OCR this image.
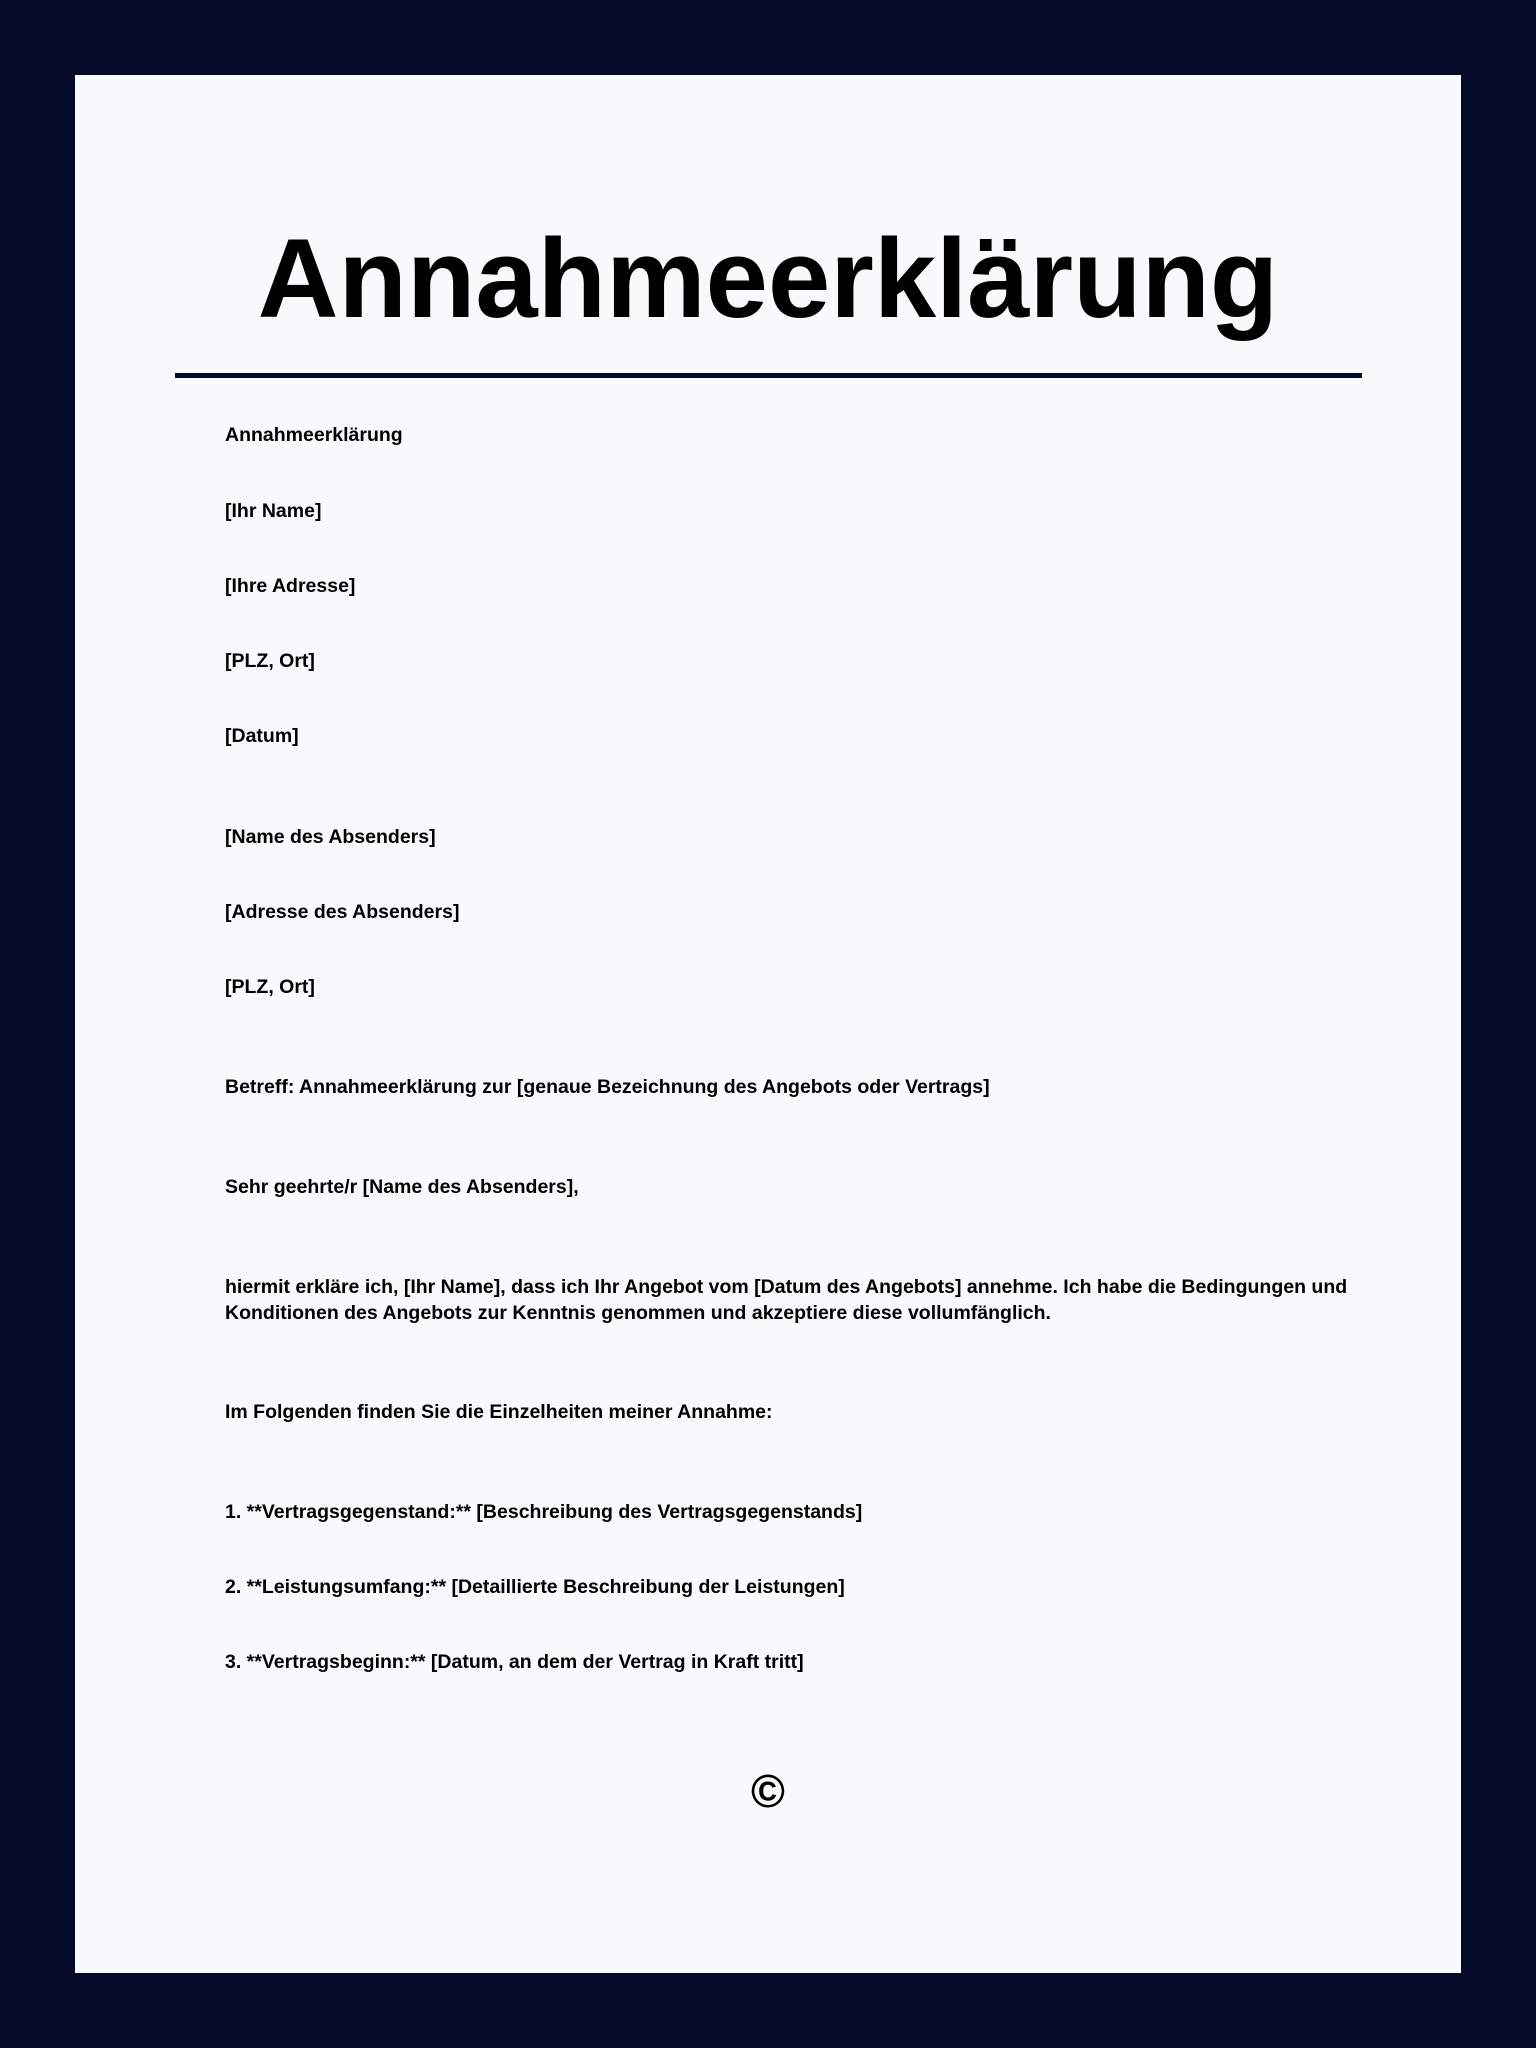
Annahmeerklärung
Annahmeerklärung
[Ihr Name]
[Ihre Adresse]
[PLZ, Ort]
[Datum]
[Name des Absenders]
[Adresse des Absenders]
[PLZ, Ort]
Betreff: Annahmeerklärung zur [genaue Bezeichnung des Angebots oder Vertrags]
Sehr geehrte/r [Name des Absenders],
hiermit erkläre ich, [Ihr Name], dass ich Ihr Angebot vom [Datum des Angebots] annehme. Ich habe die Bedingungen und Konditionen des Angebots zur Kenntnis genommen und akzeptiere diese vollumfänglich.
Im Folgenden finden Sie die Einzelheiten meiner Annahme:
1. **Vertragsgegenstand:** [Beschreibung des Vertragsgegenstands]
2. **Leistungsumfang:** [Detaillierte Beschreibung der Leistungen]
3. **Vertragsbeginn:** [Datum, an dem der Vertrag in Kraft tritt]
©
